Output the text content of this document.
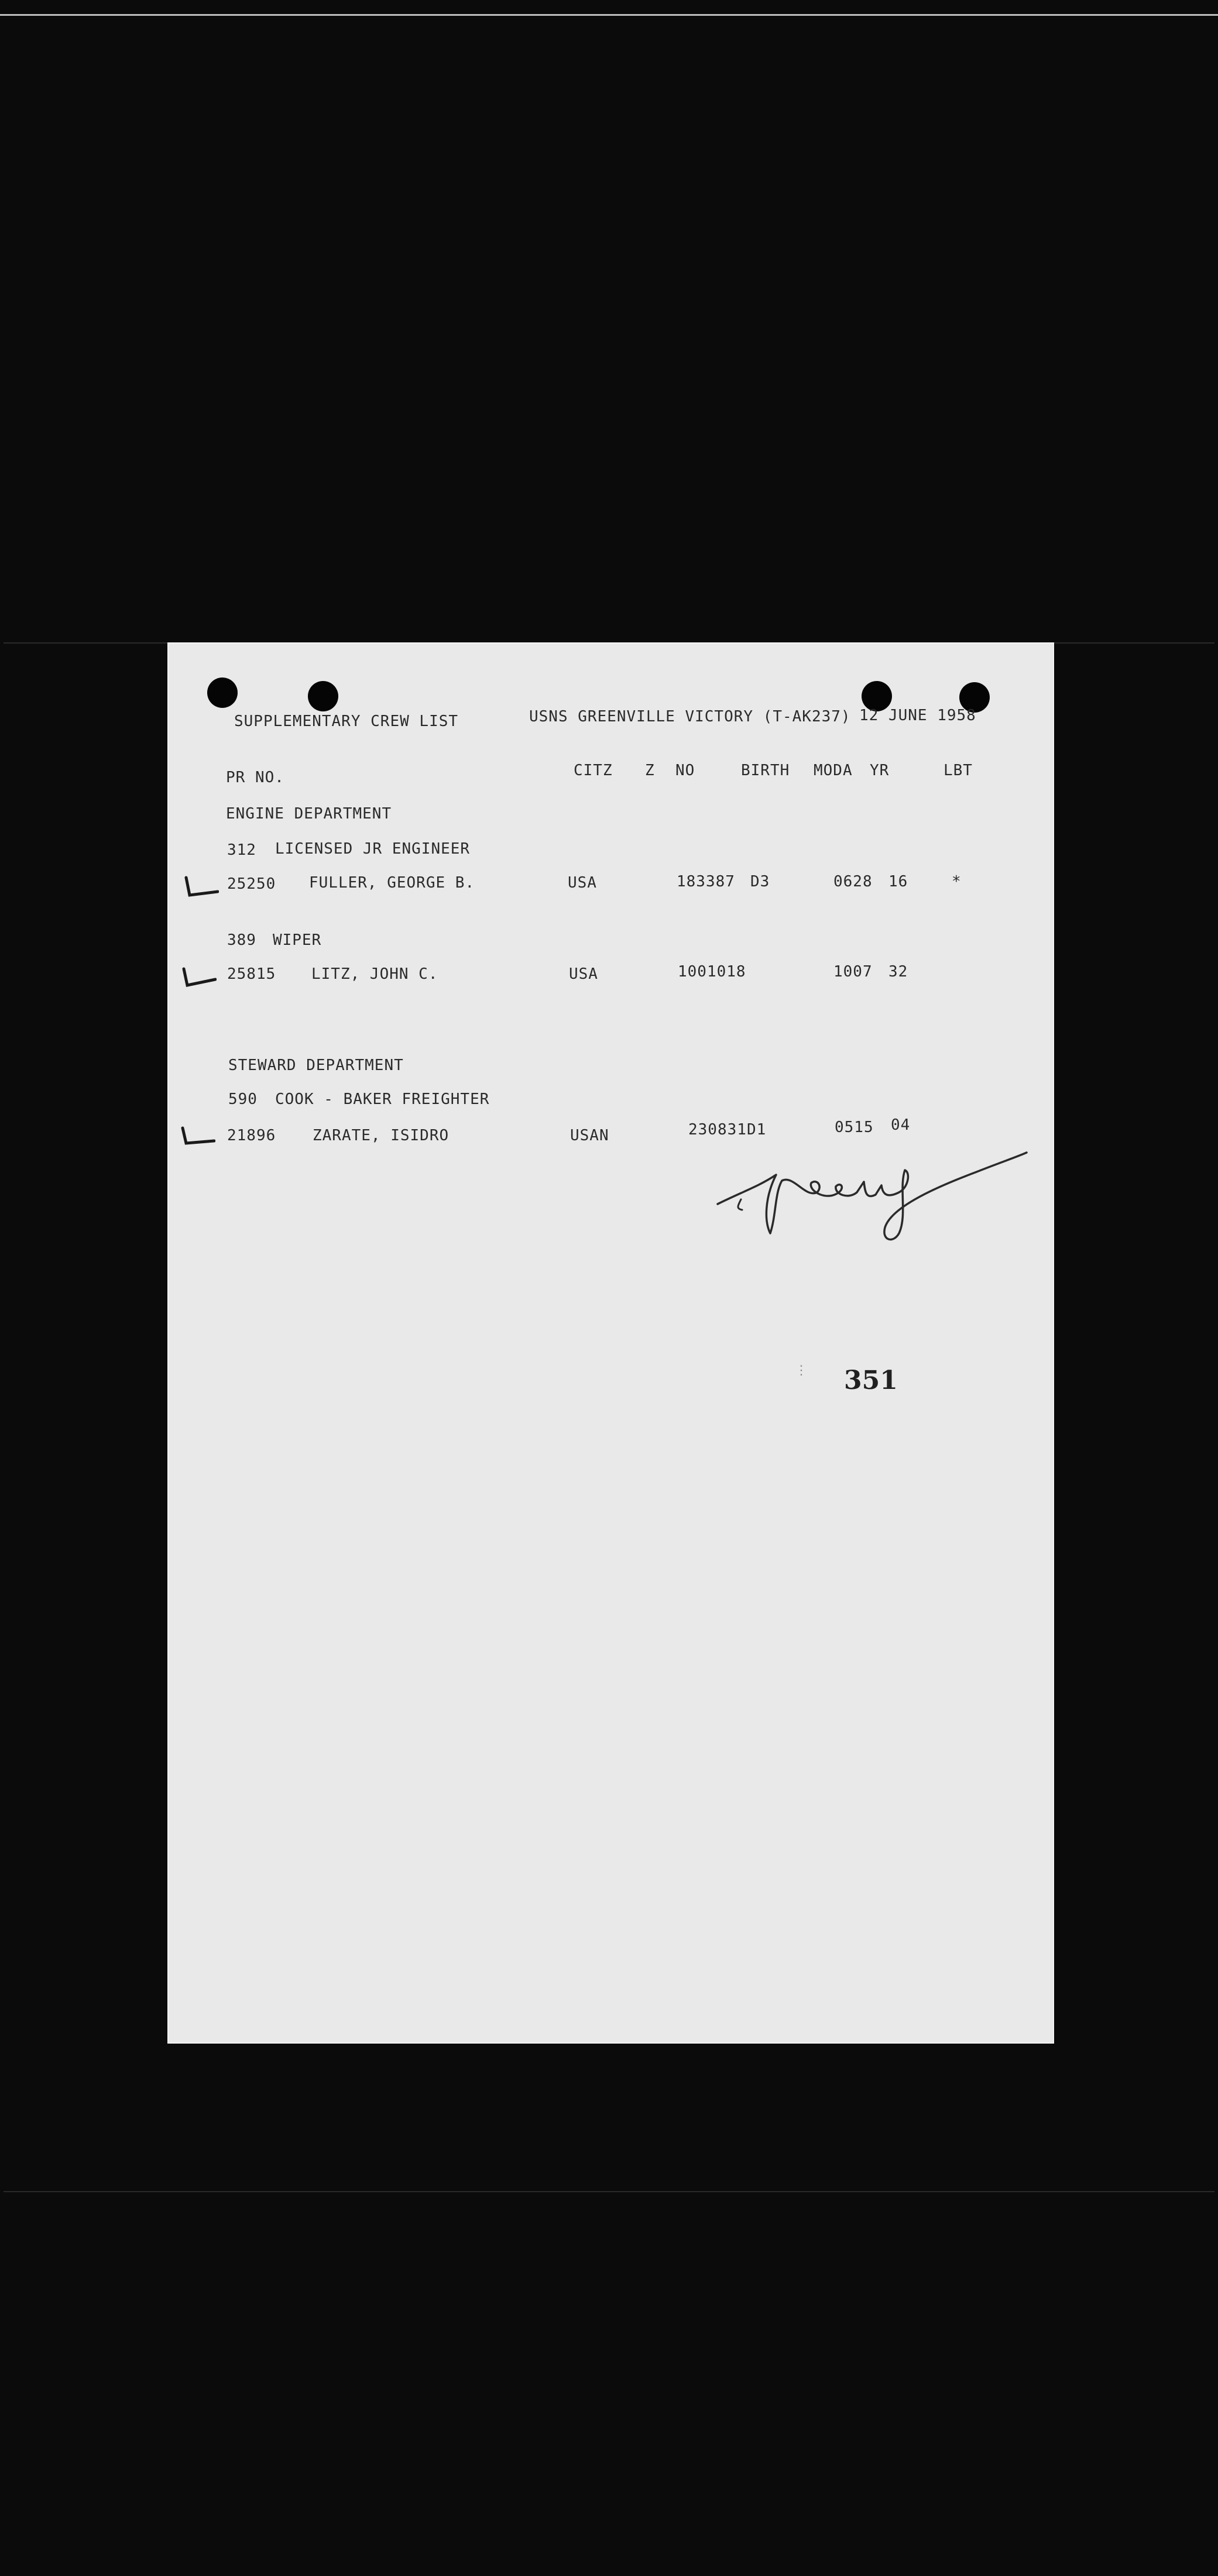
SUPPLEMENTARY CREW LIST	USNS GREENVILLE VICTORY (T-AK237) 12 JUNE 1958
PR NO.	CITZ Z NO	BIRTH MODA YR	LBT
ENGINE DEPARTMENT
312 LICENSED JR ENGINEER
25250 FULLER, GEORGE B.	USA	183387 D3	0628 16	*
389 WIPER
25815 LITZ, JOHN C.	USA	1001018	1007 32
STEWARD DEPARTMENT
590 COOK - BAKER FREIGHTER
21896 ZARATE, ISIDRO	USAN	230831 D1	0515 04
⋮ 351
